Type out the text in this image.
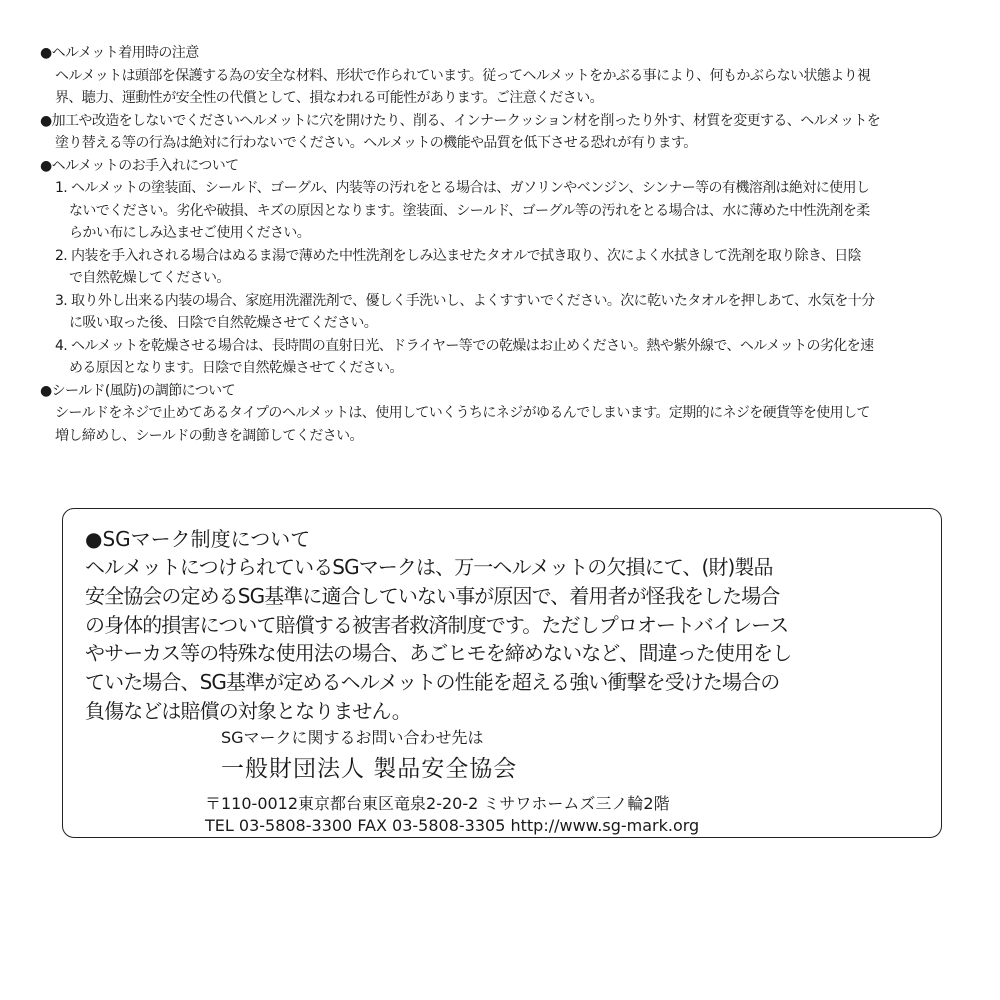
●ヘルメット着用時の注意
ヘルメットは頭部を保護する為の安全な材料、形状で作られています。従ってヘルメットをかぶる事により、何もかぶらない状態より視
界、聴力、運動性が安全性の代償として、損なわれる可能性があります。ご注意ください。
●加工や改造をしないでくださいヘルメットに穴を開けたり、削る、インナークッション材を削ったり外す、材質を変更する、ヘルメットを
塗り替える等の行為は絶対に行わないでください。ヘルメットの機能や品質を低下させる恐れが有ります。
●ヘルメットのお手入れについて
1. ヘルメットの塗装面、シールド、ゴーグル、内装等の汚れをとる場合は、ガソリンやベンジン、シンナー等の有機溶剤は絶対に使用し
ないでください。劣化や破損、キズの原因となります。塗装面、シールド、ゴーグル等の汚れをとる場合は、水に薄めた中性洗剤を柔
らかい布にしみ込ませご使用ください。
2. 内装を手入れされる場合はぬるま湯で薄めた中性洗剤をしみ込ませたタオルで拭き取り、次によく水拭きして洗剤を取り除き、日陰
で自然乾燥してください。
3. 取り外し出来る内装の場合、家庭用洗濯洗剤で、優しく手洗いし、よくすすいでください。次に乾いたタオルを押しあて、水気を十分
に吸い取った後、日陰で自然乾燥させてください。
4. ヘルメットを乾燥させる場合は、長時間の直射日光、ドライヤー等での乾燥はお止めください。熱や紫外線で、ヘルメットの劣化を速
める原因となります。日陰で自然乾燥させてください。
●シールド(風防)の調節について
シールドをネジで止めてあるタイプのヘルメットは、使用していくうちにネジがゆるんでしまいます。定期的にネジを硬貨等を使用して
増し締めし、シールドの動きを調節してください。
●SGマーク制度について
ヘルメットにつけられているSGマークは、万一ヘルメットの欠損にて、(財)製品
安全協会の定めるSG基準に適合していない事が原因で、着用者が怪我をした場合
の身体的損害について賠償する被害者救済制度です。ただしプロオートバイレース
やサーカス等の特殊な使用法の場合、あごヒモを締めないなど、間違った使用をし
ていた場合、SG基準が定めるヘルメットの性能を超える強い衝撃を受けた場合の
負傷などは賠償の対象となりません。
SGマークに関するお問い合わせ先は
一般財団法人 製品安全協会
〒110-0012東京都台東区竜泉2-20-2 ミサワホームズ三ノ輪2階
TEL 03-5808-3300 FAX 03-5808-3305 http://www.sg-mark.org
